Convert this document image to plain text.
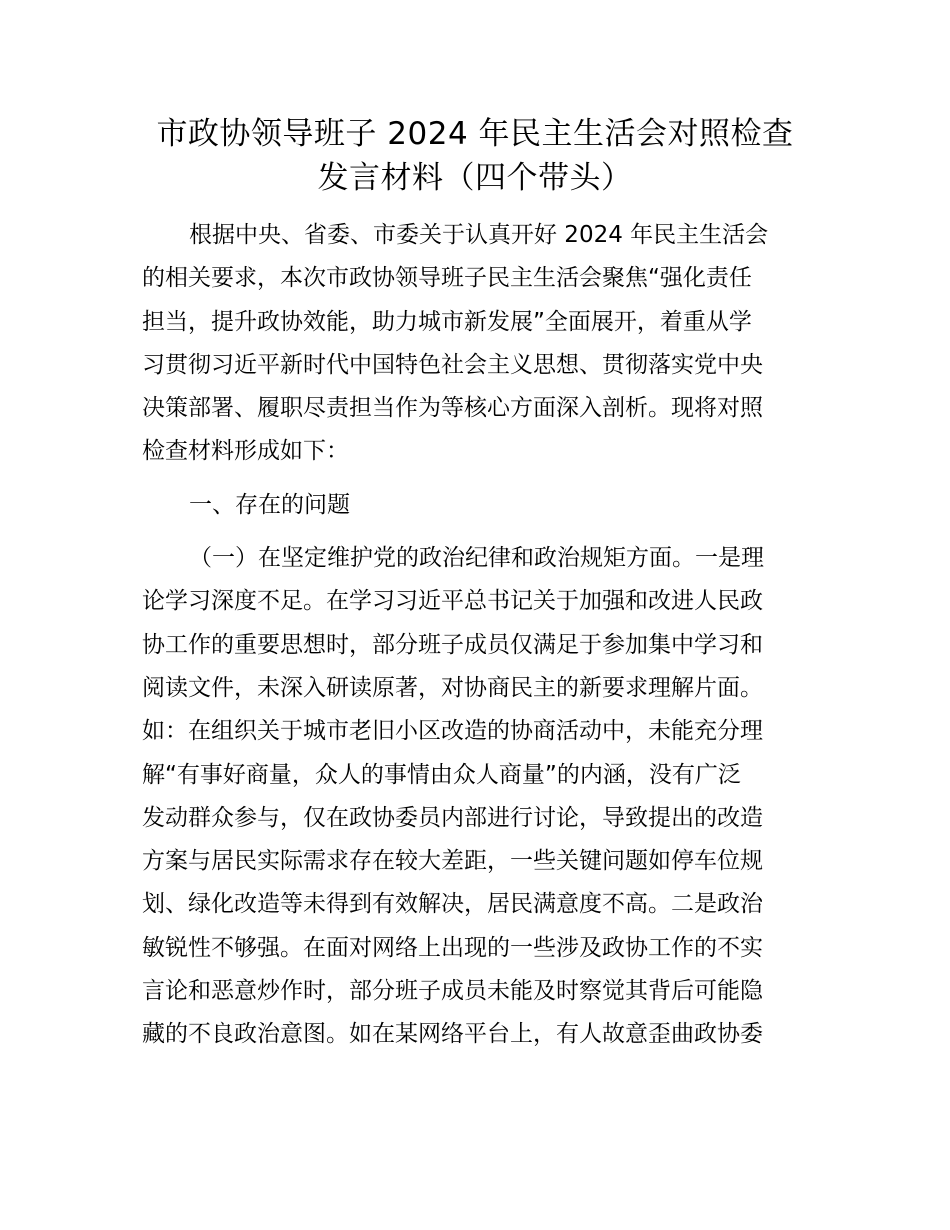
市政协领导班子 2024 年民主生活会对照检查
发言材料（四个带头）
根据中央、省委、市委关于认真开好 2024 年民主生活会
的相关要求，本次市政协领导班子民主生活会聚焦“强化责任
担当，提升政协效能，助力城市新发展”全面展开，着重从学
习贯彻习近平新时代中国特色社会主义思想、贯彻落实党中央
决策部署、履职尽责担当作为等核心方面深入剖析。现将对照
检查材料形成如下：
一、存在的问题
（一）在坚定维护党的政治纪律和政治规矩方面。一是理
论学习深度不足。在学习习近平总书记关于加强和改进人民政
协工作的重要思想时，部分班子成员仅满足于参加集中学习和
阅读文件，未深入研读原著，对协商民主的新要求理解片面。
如：在组织关于城市老旧小区改造的协商活动中，未能充分理
解“有事好商量，众人的事情由众人商量”的内涵，没有广泛
发动群众参与，仅在政协委员内部进行讨论，导致提出的改造
方案与居民实际需求存在较大差距，一些关键问题如停车位规
划、绿化改造等未得到有效解决，居民满意度不高。二是政治
敏锐性不够强。在面对网络上出现的一些涉及政协工作的不实
言论和恶意炒作时，部分班子成员未能及时察觉其背后可能隐
藏的不良政治意图。如在某网络平台上，有人故意歪曲政协委
